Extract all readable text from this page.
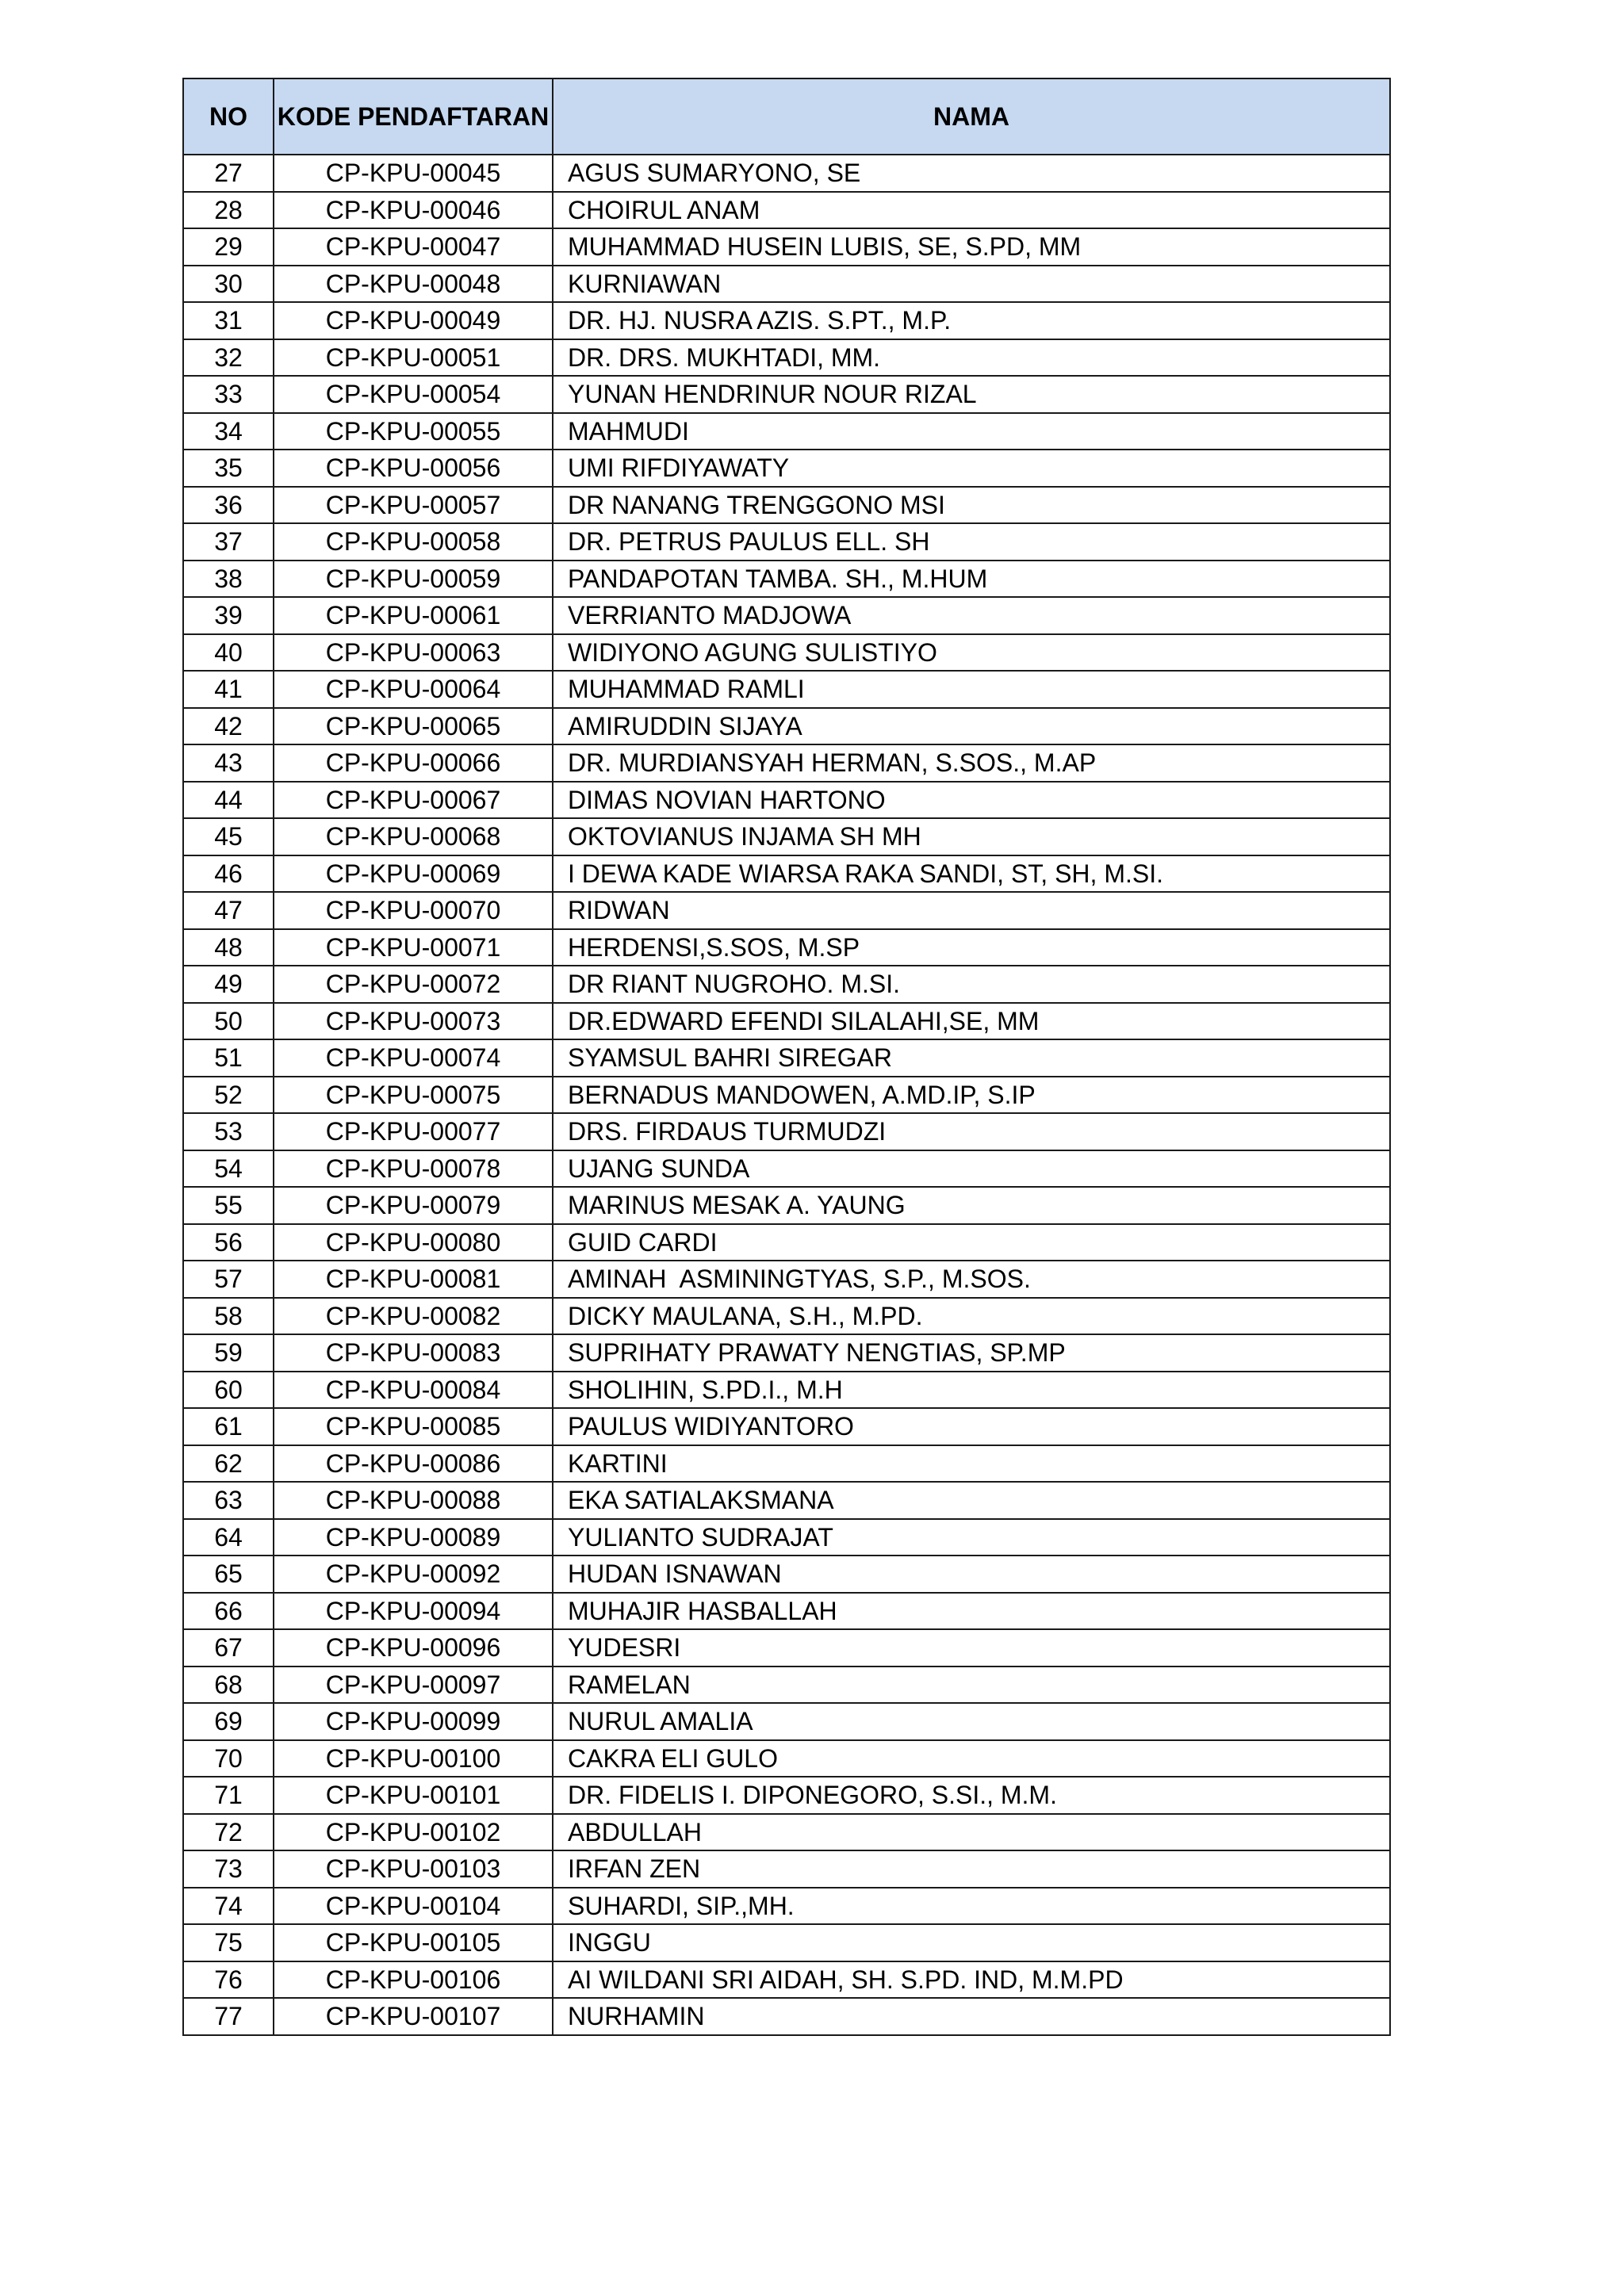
NO	KODE PENDAFTARAN	NAMA
27	CP-KPU-00045	AGUS SUMARYONO, SE
28	CP-KPU-00046	CHOIRUL ANAM
29	CP-KPU-00047	MUHAMMAD HUSEIN LUBIS, SE, S.PD, MM
30	CP-KPU-00048	KURNIAWAN
31	CP-KPU-00049	DR. HJ. NUSRA AZIS. S.PT., M.P.
32	CP-KPU-00051	DR. DRS. MUKHTADI, MM.
33	CP-KPU-00054	YUNAN HENDRINUR NOUR RIZAL
34	CP-KPU-00055	MAHMUDI
35	CP-KPU-00056	UMI RIFDIYAWATY
36	CP-KPU-00057	DR NANANG TRENGGONO MSI
37	CP-KPU-00058	DR. PETRUS PAULUS ELL. SH
38	CP-KPU-00059	PANDAPOTAN TAMBA. SH., M.HUM
39	CP-KPU-00061	VERRIANTO MADJOWA
40	CP-KPU-00063	WIDIYONO AGUNG SULISTIYO
41	CP-KPU-00064	MUHAMMAD RAMLI
42	CP-KPU-00065	AMIRUDDIN SIJAYA
43	CP-KPU-00066	DR. MURDIANSYAH HERMAN, S.SOS., M.AP
44	CP-KPU-00067	DIMAS NOVIAN HARTONO
45	CP-KPU-00068	OKTOVIANUS INJAMA SH MH
46	CP-KPU-00069	I DEWA KADE WIARSA RAKA SANDI, ST, SH, M.SI.
47	CP-KPU-00070	RIDWAN
48	CP-KPU-00071	HERDENSI,S.SOS, M.SP
49	CP-KPU-00072	DR RIANT NUGROHO. M.SI.
50	CP-KPU-00073	DR.EDWARD EFENDI SILALAHI,SE, MM
51	CP-KPU-00074	SYAMSUL BAHRI SIREGAR
52	CP-KPU-00075	BERNADUS MANDOWEN, A.MD.IP, S.IP
53	CP-KPU-00077	DRS. FIRDAUS TURMUDZI
54	CP-KPU-00078	UJANG SUNDA
55	CP-KPU-00079	MARINUS MESAK A. YAUNG
56	CP-KPU-00080	GUID CARDI
57	CP-KPU-00081	AMINAH  ASMININGTYAS, S.P., M.SOS.
58	CP-KPU-00082	DICKY MAULANA, S.H., M.PD.
59	CP-KPU-00083	SUPRIHATY PRAWATY NENGTIAS, SP.MP
60	CP-KPU-00084	SHOLIHIN, S.PD.I., M.H
61	CP-KPU-00085	PAULUS WIDIYANTORO
62	CP-KPU-00086	KARTINI
63	CP-KPU-00088	EKA SATIALAKSMANA
64	CP-KPU-00089	YULIANTO SUDRAJAT
65	CP-KPU-00092	HUDAN ISNAWAN
66	CP-KPU-00094	MUHAJIR HASBALLAH
67	CP-KPU-00096	YUDESRI
68	CP-KPU-00097	RAMELAN
69	CP-KPU-00099	NURUL AMALIA
70	CP-KPU-00100	CAKRA ELI GULO
71	CP-KPU-00101	DR. FIDELIS I. DIPONEGORO, S.SI., M.M.
72	CP-KPU-00102	ABDULLAH
73	CP-KPU-00103	IRFAN ZEN
74	CP-KPU-00104	SUHARDI, SIP.,MH.
75	CP-KPU-00105	INGGU
76	CP-KPU-00106	AI WILDANI SRI AIDAH, SH. S.PD. IND, M.M.PD
77	CP-KPU-00107	NURHAMIN
